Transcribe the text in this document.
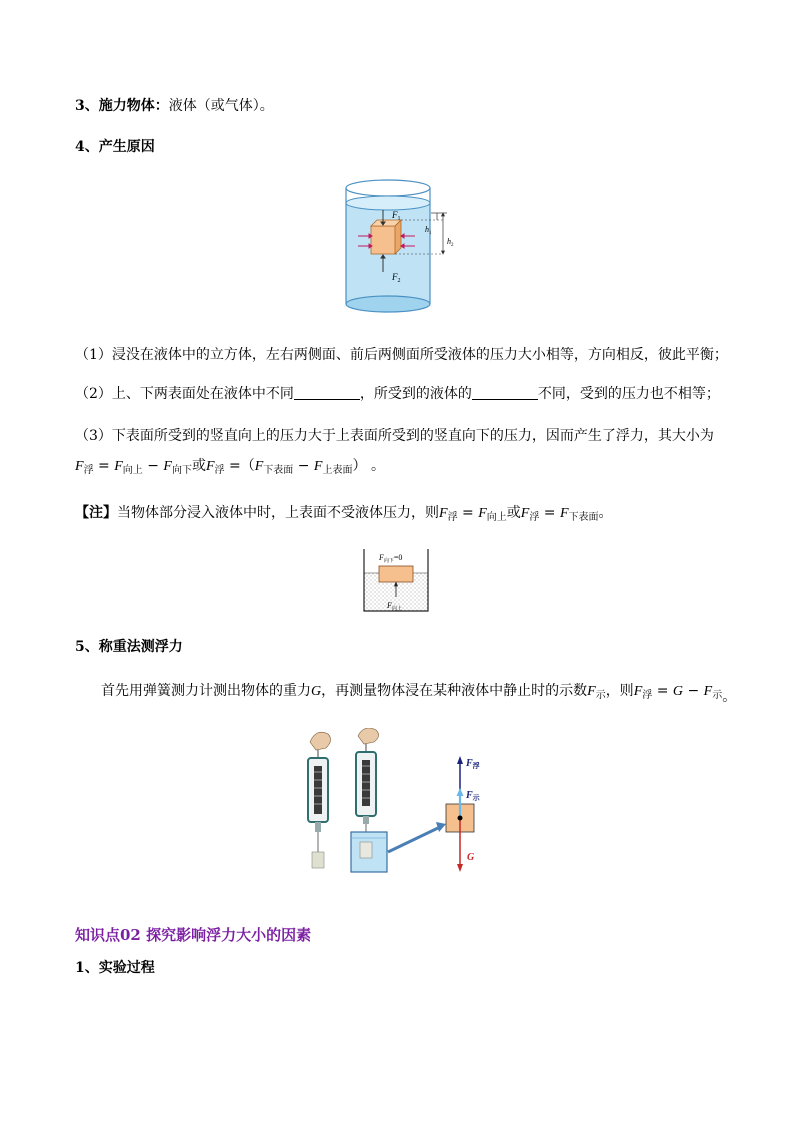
3、施力物体：液体（或气体）。
4、产生原因
$F_1$
$F_2$
$h_1$
$h_2$
（1）浸没在液体中的立方体，左右两侧面、前后两侧面所受液体的压力大小相等，方向相反，彼此平衡；
（2）上、下两表面处在液体中不同	，所受到的液体的	不同，受到的压力也不相等；
（3）下表面所受到的竖直向上的压力大于上表面所受到的竖直向下的压力，因而产生了浮力，其大小为
$F_浮 = F_{向上} - F_{向下}$或$F_浮 =(F_{下表面} - F_{上表面})$ 。
【注】当物体部分浸入液体中时，上表面不受液体压力，则$F_浮 = F_{向上}$或$F_浮 = F_{下表面}$。
$F_{向下}=0$
$F_{向上}$
5、称重法测浮力
首先用弹簧测力计测出物体的重力G，再测量物体浸在某种液体中静止时的示数$F_示$，则$F_浮 = G - F_示$。
$F_浮$
$F_示$
G
知识点02 探究影响浮力大小的因素
1、实验过程
